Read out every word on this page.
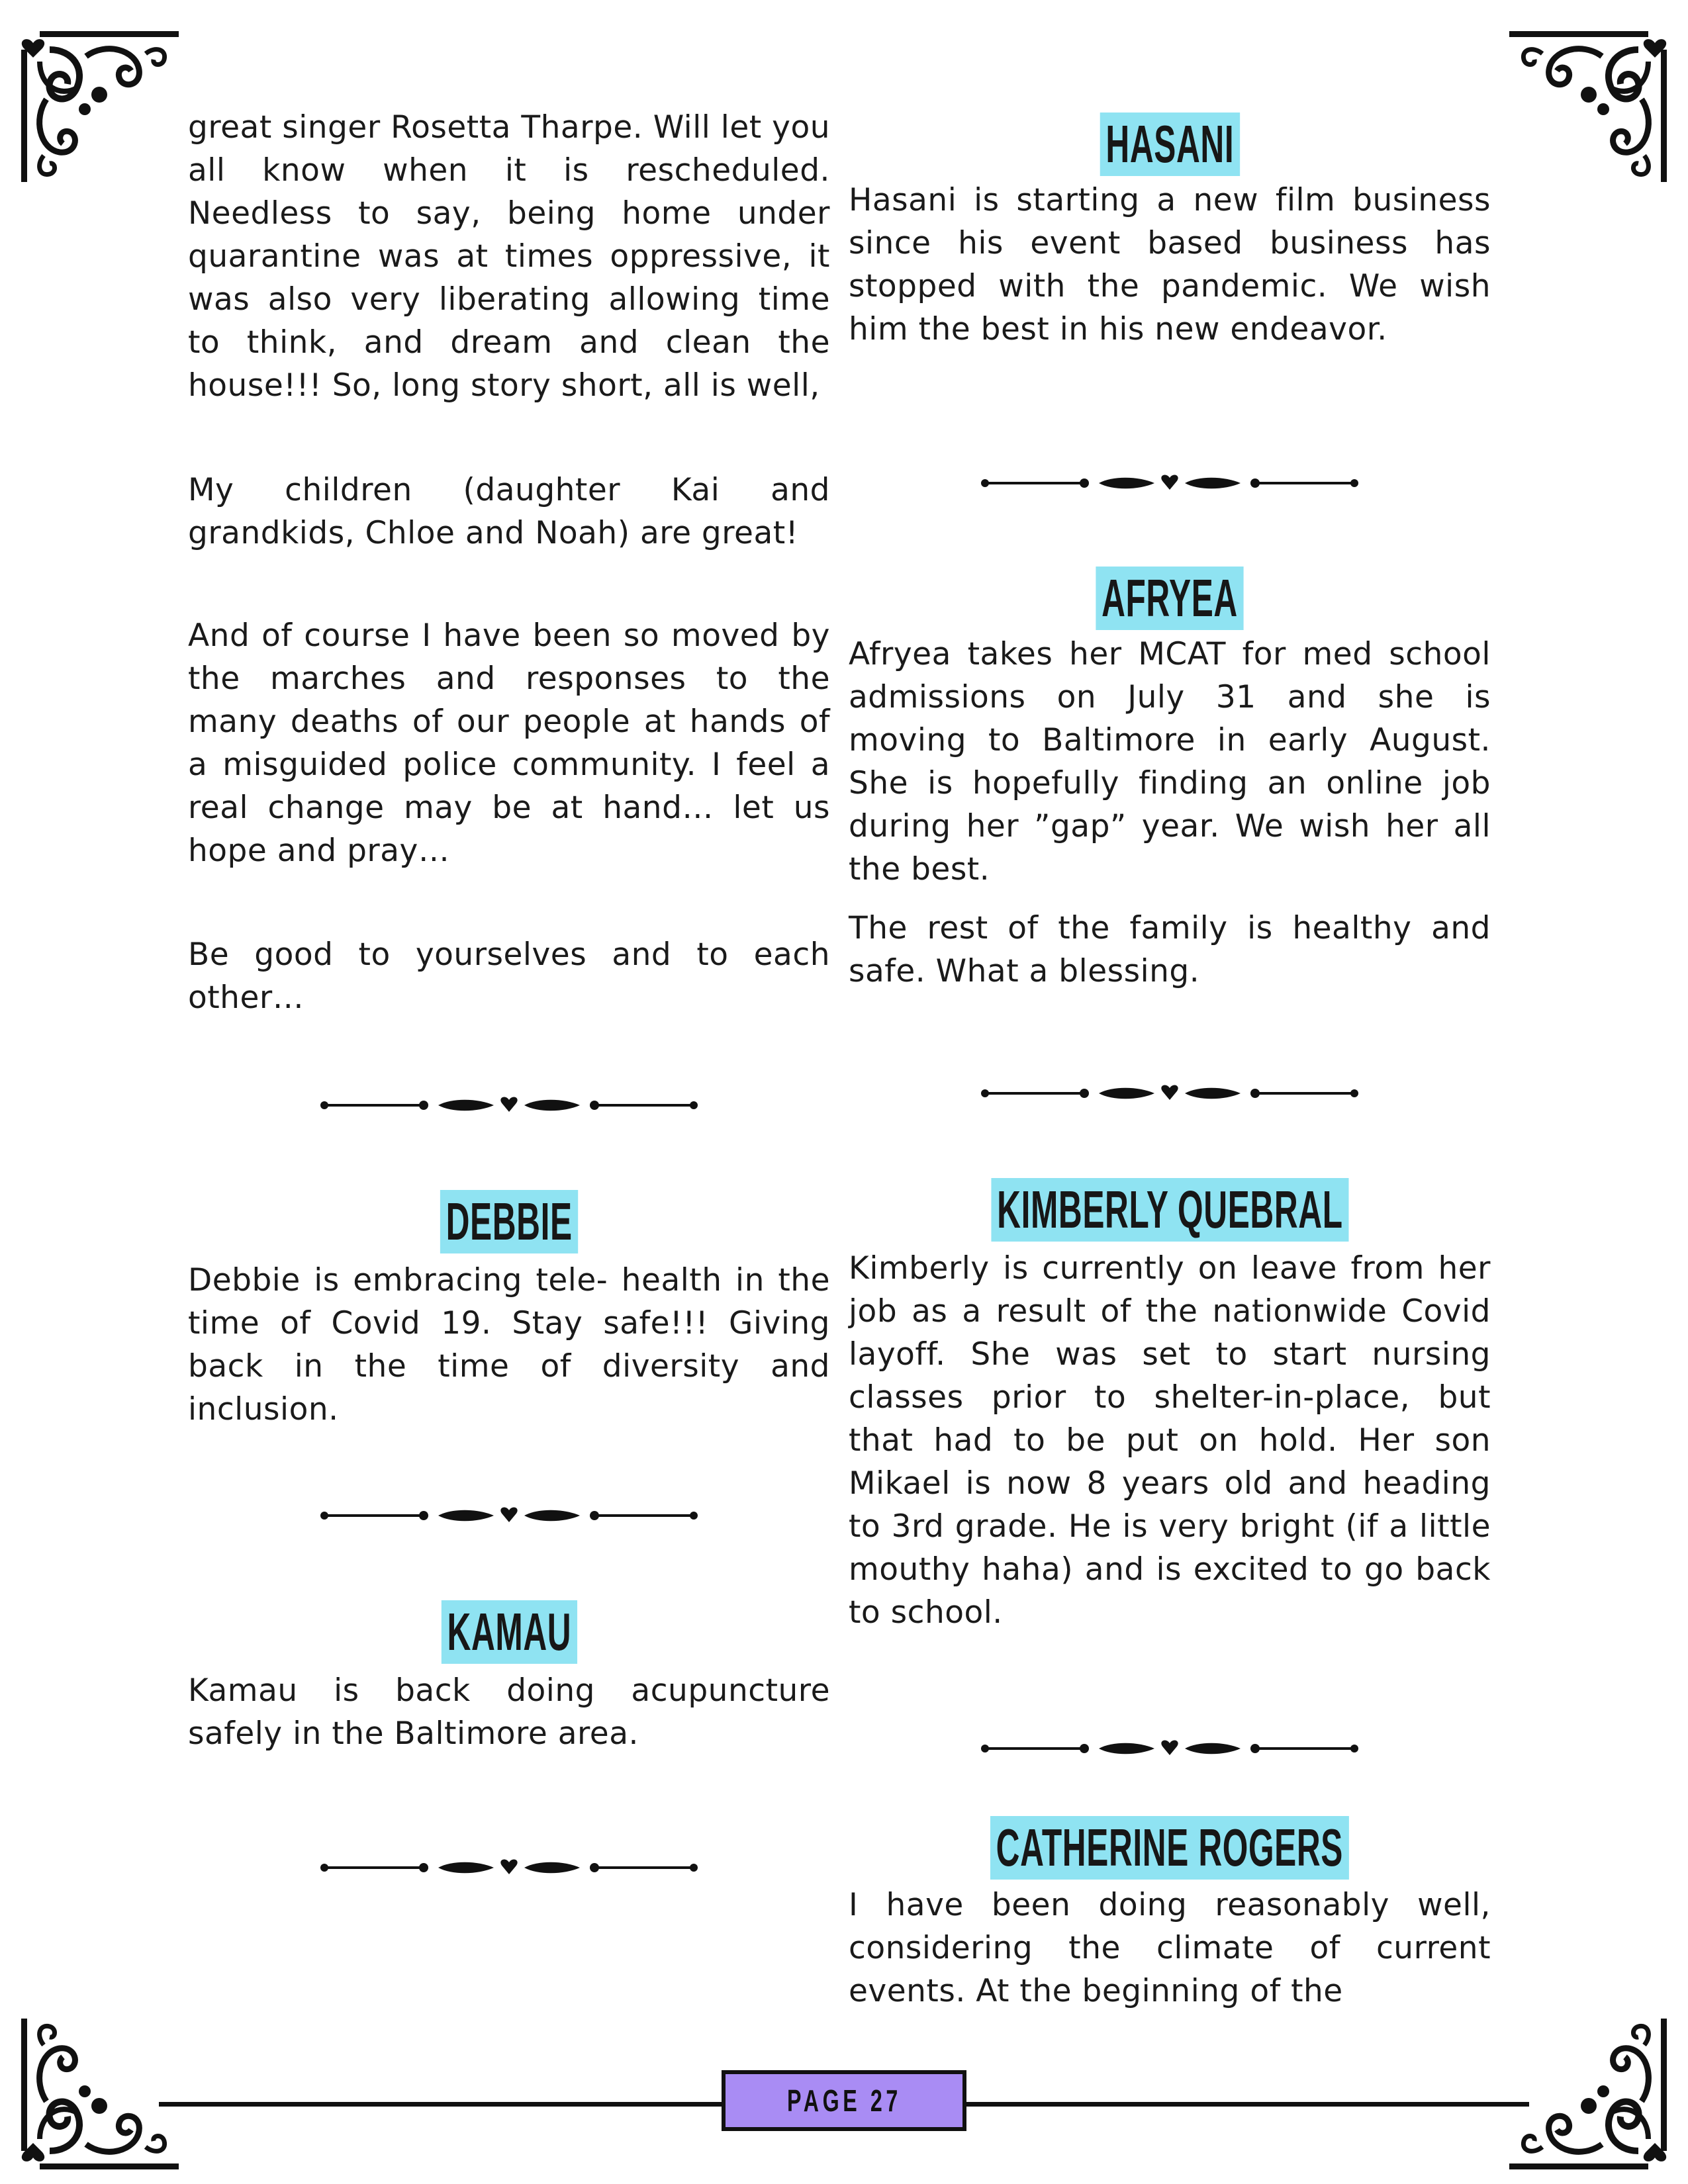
great singer Rosetta Tharpe. Will let you all know when it is rescheduled. Needless to say, being home under quarantine was at times oppressive, it was also very liberating allowing time to think, and dream and clean the house!!! So, long story short, all is well,

My children (daughter Kai and grandkids, Chloe and Noah) are great!

And of course I have been so moved by the marches and responses to the many deaths of our people at hands of a misguided police community. I feel a real change may be at hand… let us hope and pray…

Be good to yourselves and to each other…

DEBBIE

Debbie is embracing tele- health in the time of Covid 19. Stay safe!!! Giving back in the time of diversity and inclusion.

KAMAU

Kamau is back doing acupuncture safely in the Baltimore area.

HASANI

Hasani is starting a new film business since his event based business has stopped with the pandemic. We wish him the best in his new endeavor.

AFRYEA

Afryea takes her MCAT for med school admissions on July 31 and she is moving to Baltimore in early August. She is hopefully finding an online job during her ”gap” year. We wish her all the best.

The rest of the family is healthy and safe. What a blessing.

KIMBERLY QUEBRAL

Kimberly is currently on leave from her job as a result of the nationwide Covid layoff. She was set to start nursing classes prior to shelter-in-place, but that had to be put on hold. Her son Mikael is now 8 years old and heading to 3rd grade. He is very bright (if a little mouthy haha) and is excited to go back to school.

CATHERINE ROGERS

I have been doing reasonably well, considering the climate of current events. At the beginning of the

PAGE 27
